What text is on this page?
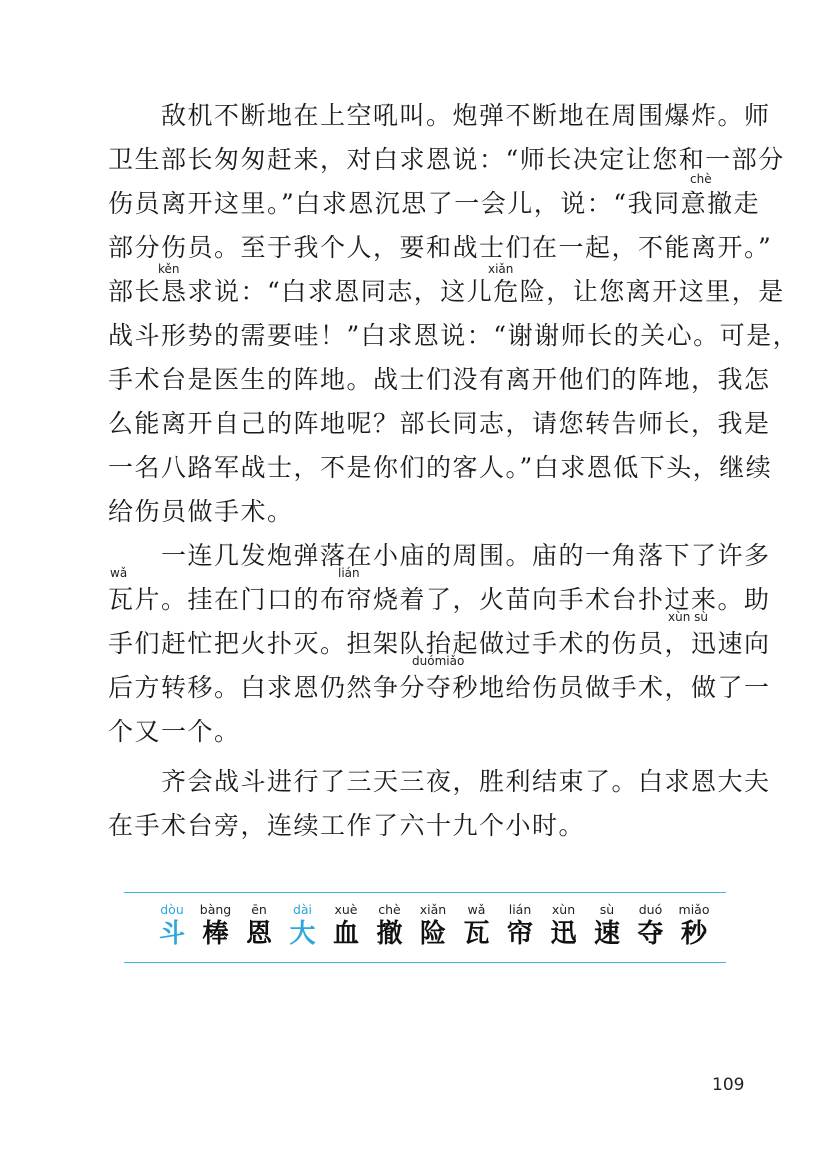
chè
kěn	xiǎn
wǎ	lián
xùn sù
duómiǎo
　　敌机不断地在上空吼叫。炮弹不断地在周围爆炸。师
卫生部长匆匆赶来，对白求恩说：“师长决定让您和一部分
伤员离开这里。”白求恩沉思了一会儿，说：“我同意撤走
部分伤员。至于我个人，要和战士们在一起，不能离开。”
部长恳求说：“白求恩同志，这儿危险，让您离开这里，是
战斗形势的需要哇！”白求恩说：“谢谢师长的关心。可是，
手术台是医生的阵地。战士们没有离开他们的阵地，我怎
么能离开自己的阵地呢？部长同志，请您转告师长，我是
一名八路军战士，不是你们的客人。”白求恩低下头，继续
给伤员做手术。
　　一连几发炮弹落在小庙的周围。庙的一角落下了许多
瓦片。挂在门口的布帘烧着了，火苗向手术台扑过来。助
手们赶忙把火扑灭。担架队抬起做过手术的伤员，迅速向
后方转移。白求恩仍然争分夺秒地给伤员做手术，做了一
个又一个。
　　齐会战斗进行了三天三夜，胜利结束了。白求恩大夫
在手术台旁，连续工作了六十九个小时。
dòu
斗
bàng
棒
ēn
恩
dài
大
xuè
血
chè
撤
xiǎn
险
wǎ
瓦
lián
帘
xùn
迅
sù
速
duó
夺
miǎo
秒
109
